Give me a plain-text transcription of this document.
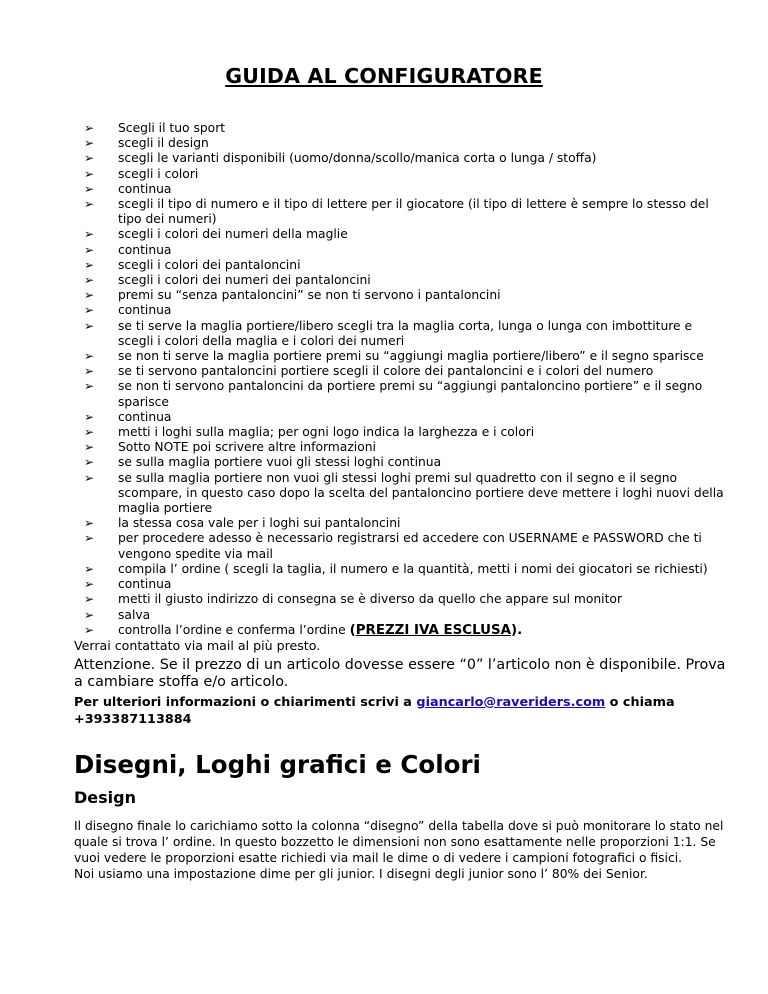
GUIDA AL CONFIGURATORE
➢ Scegli il tuo sport
➢ scegli il design
➢ scegli le varianti disponibili (uomo/donna/scollo/manica corta o lunga / stoffa)
➢ scegli i colori
➢ continua
➢ scegli il tipo di numero e il tipo di lettere per il giocatore (il tipo di lettere è sempre lo stesso del tipo dei numeri)
➢ scegli i colori dei numeri della maglie
➢ continua
➢ scegli i colori dei pantaloncini
➢ scegli i colori dei numeri dei pantaloncini
➢ premi su “senza pantaloncini” se non ti servono i pantaloncini
➢ continua
➢ se ti serve la maglia portiere/libero scegli tra la maglia corta, lunga o lunga con imbottiture e scegli i colori della maglia e i colori dei numeri
➢ se non ti serve la maglia portiere premi su “aggiungi maglia portiere/libero” e il segno sparisce
➢ se ti servono pantaloncini portiere scegli il colore dei pantaloncini e i colori del numero
➢ se non ti servono pantaloncini da portiere premi su “aggiungi pantaloncino portiere” e il segno sparisce
➢ continua
➢ metti i loghi sulla maglia; per ogni logo indica la larghezza e i colori
➢ Sotto NOTE poi scrivere altre informazioni
➢ se sulla maglia portiere vuoi gli stessi loghi continua
➢ se sulla maglia portiere non vuoi gli stessi loghi premi sul quadretto con il segno e il segno scompare, in questo caso dopo la scelta del pantaloncino portiere deve mettere i loghi nuovi della maglia portiere
➢ la stessa cosa vale per i loghi sui pantaloncini
➢ per procedere adesso è necessario registrarsi ed accedere con USERNAME e PASSWORD che ti vengono spedite via mail
➢ compila l’ ordine ( scegli la taglia, il numero e la quantità, metti i nomi dei giocatori se richiesti)
➢ continua
➢ metti il giusto indirizzo di consegna se è diverso da quello che appare sul monitor
➢ salva
➢ controlla l’ordine e conferma l’ordine (PREZZI IVA ESCLUSA).

Verrai contattato via mail al più presto.

Attenzione. Se il prezzo di un articolo dovesse essere “0” l’articolo non è disponibile. Prova a cambiare stoffa e/o articolo.

Per ulteriori informazioni o chiarimenti scrivi a giancarlo@raveriders.com o chiama +393387113884

Disegni, Loghi grafici e Colori
Design

Il disegno finale lo carichiamo sotto la colonna “disegno” della tabella dove si può monitorare lo stato nel quale si trova l’ ordine. In questo bozzetto le dimensioni non sono esattamente nelle proporzioni 1:1. Se vuoi vedere le proporzioni esatte richiedi via mail le dime o di vedere i campioni fotografici o fisici.

Noi usiamo una impostazione dime per gli junior. I disegni degli junior sono l’ 80% dei Senior.
